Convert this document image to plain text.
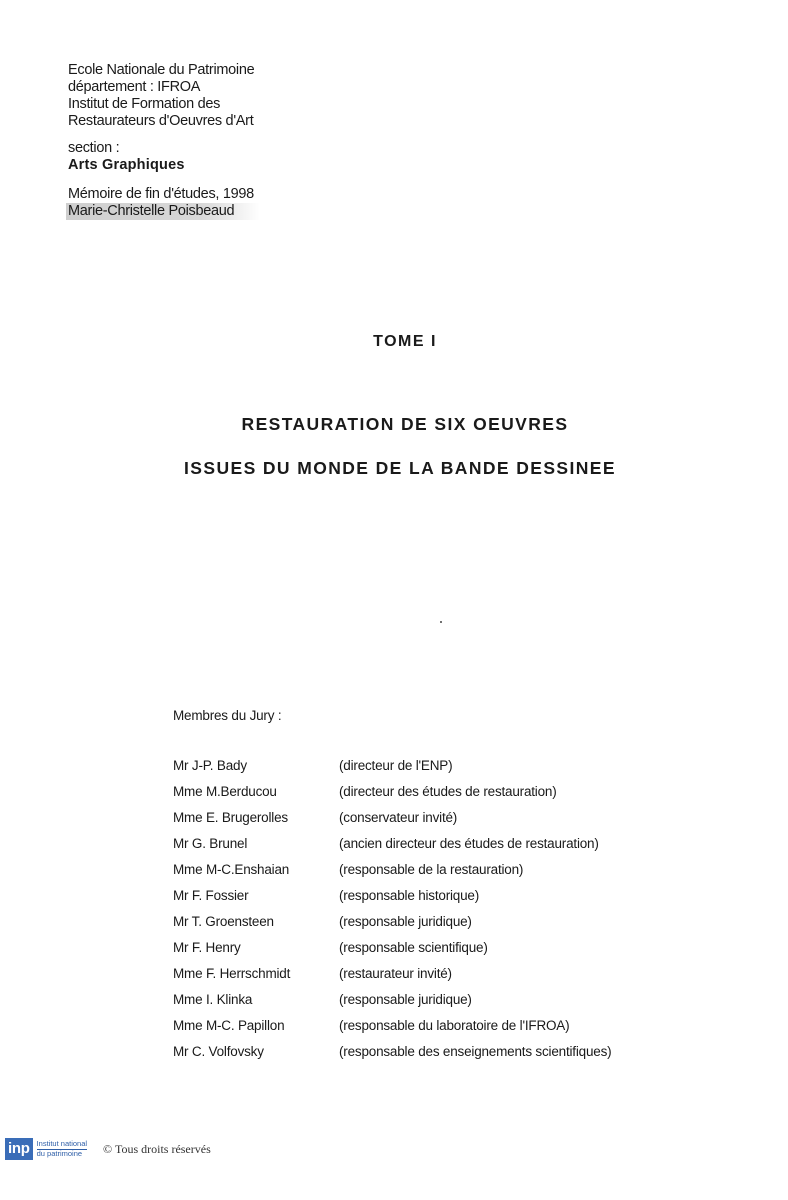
Ecole Nationale du Patrimoine
département : IFROA
Institut de Formation des
Restaurateurs d'Oeuvres d'Art
section :
Arts Graphiques
Mémoire de fin d'études, 1998
Marie-Christelle Poisbeaud
TOME I
RESTAURATION DE SIX OEUVRES
ISSUES DU MONDE DE LA BANDE DESSINEE
Membres du Jury :
Mr J-P. Bady	(directeur de l'ENP)
Mme M.Berducou	(directeur des études de restauration)
Mme E. Brugerolles	(conservateur invité)
Mr G. Brunel	(ancien directeur des études de restauration)
Mme M-C.Enshaian	(responsable de la restauration)
Mr F. Fossier	(responsable historique)
Mr T. Groensteen	(responsable juridique)
Mr F. Henry	(responsable scientifique)
Mme F. Herrschmidt	(restaurateur invité)
Mme I. Klinka	(responsable juridique)
Mme M-C. Papillon	(responsable du laboratoire de l'IFROA)
Mr C. Volfovsky	(responsable des enseignements scientifiques)
inp Institut national
du patrimoine	© Tous droits réservés
